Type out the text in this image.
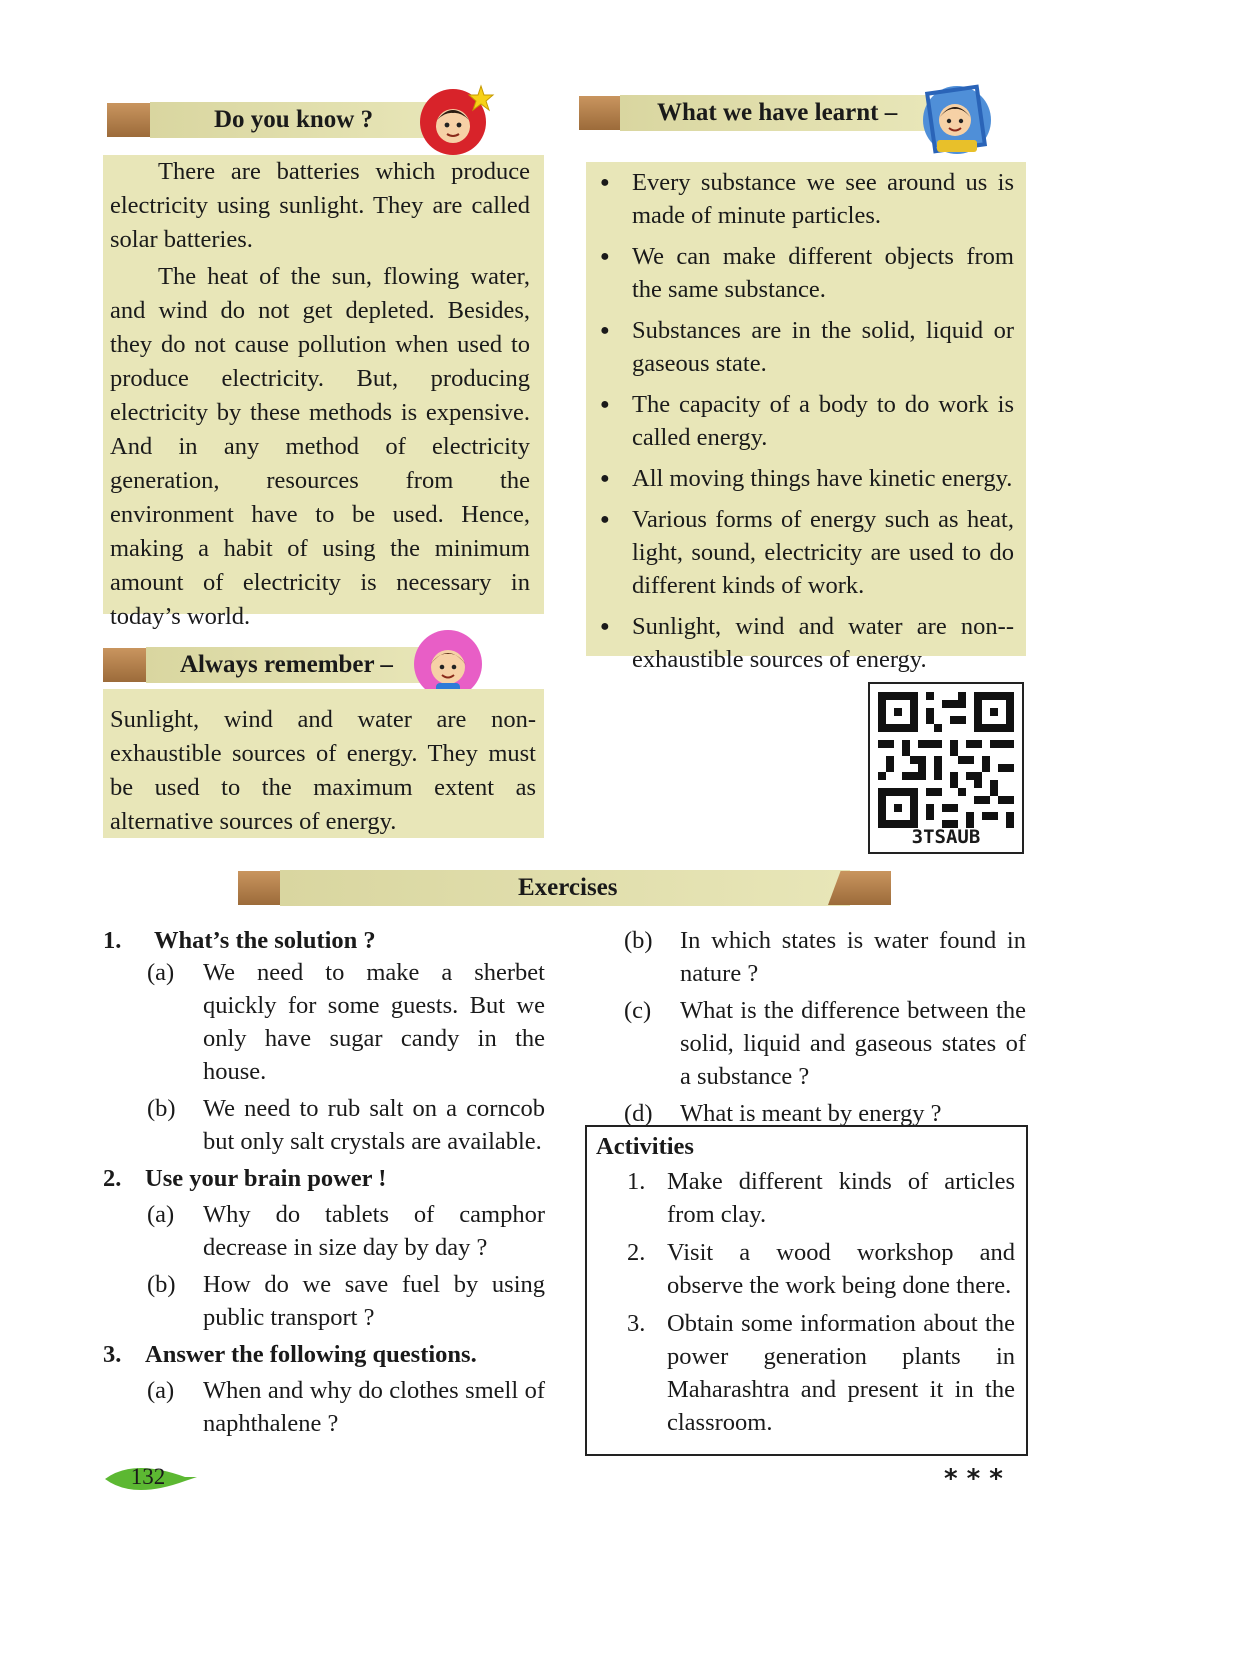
Do you know ?

There are batteries which produce electricity using sunlight. They are called solar batteries.

The heat of the sun, flowing water, and wind do not get depleted. Besides, they do not cause pollution when used to produce electricity. But, producing electricity by these methods is expensive. And in any method of electricity generation, resources from the environment have to be used. Hence, making a habit of using the minimum amount of electricity is necessary in today’s world.

Always remember –

Sunlight, wind and water are non-exhaustible sources of energy. They must be used to the maximum extent as alternative sources of energy.

What we have learnt –
● Every substance we see around us is made of minute particles.
● We can make different objects from the same substance.
● Substances are in the solid, liquid or gaseous state.
● The capacity of a body to do work is called energy.
● All moving things have kinetic energy.
● Various forms of energy such as heat, light, sound, electricity are used to do different kinds of work.
● Sunlight, wind and water are non--exhaustible sources of energy.
3TSAUB
Exercises
1. What’s the solution ?
(a) We need to make a sherbet quickly for some guests. But we only have sugar candy in the house.
(b) We need to rub salt on a corncob but only salt crystals are available.
2. Use your brain power !
(a) Why do tablets of camphor decrease in size day by day ?
(b) How do we save fuel by using public transport ?
3. Answer the following questions.
(a) When and why do clothes smell of naphthalene ?
(b) In which states is water found in nature ?
(c) What is the difference between the solid, liquid and gaseous states of a substance ?
(d) What is meant by energy ?
Activities
1. Make different kinds of articles from clay.
2. Visit a wood workshop and observe the work being done there.
3. Obtain some information about the power generation plants in Maharashtra and present it in the classroom.
132	* * *
